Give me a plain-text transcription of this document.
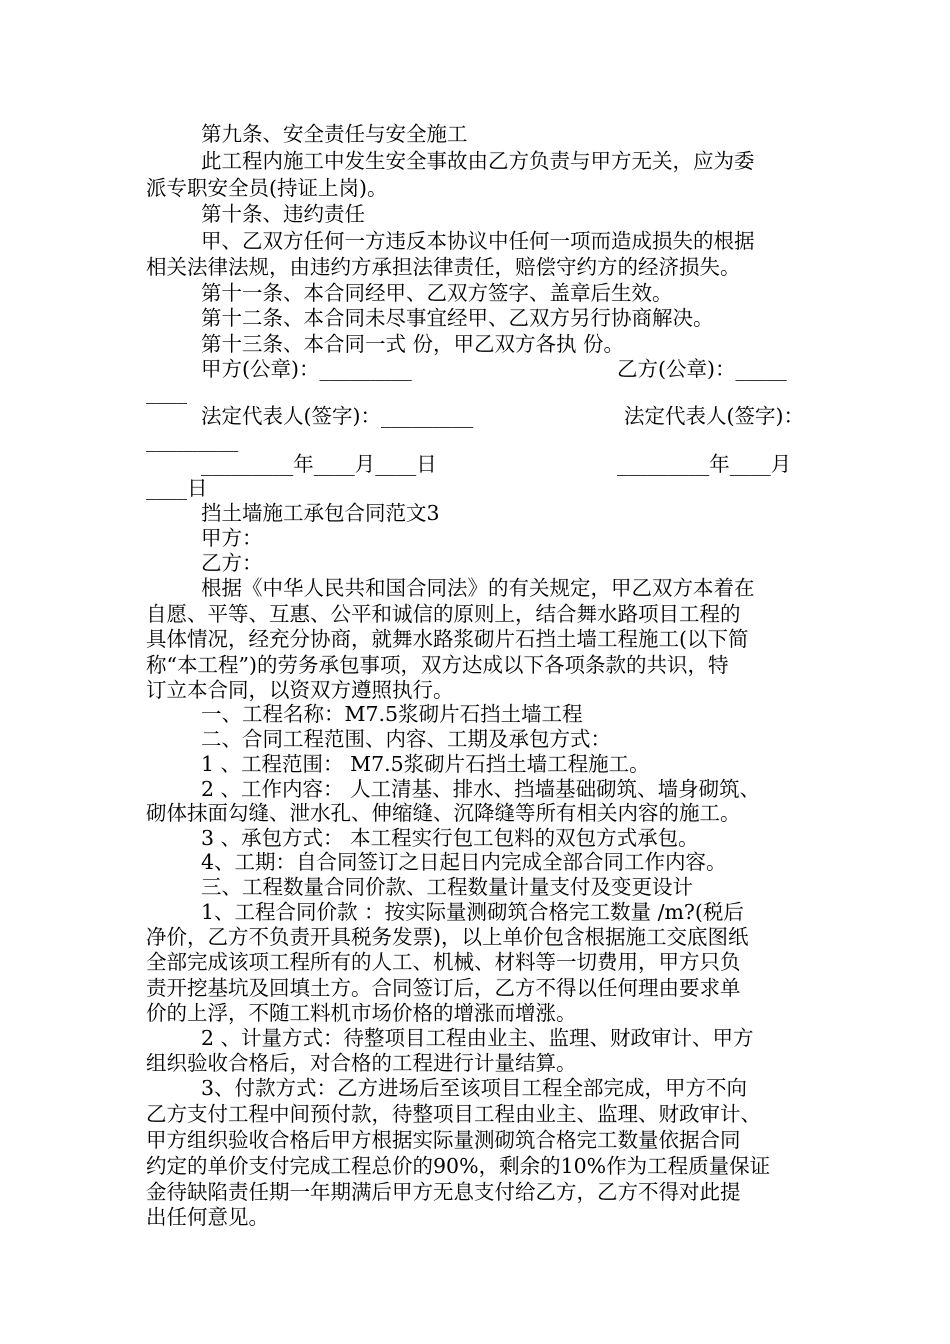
第九条、安全责任与安全施工
此工程内施工中发生安全事故由乙方负责与甲方无关，应为委
派专职安全员(持证上岗)。
第十条、违约责任
甲、乙双方任何一方违反本协议中任何一项而造成损失的根据
相关法律法规，由违约方承担法律责任，赔偿守约方的经济损失。
第十一条、本合同经甲、乙双方签字、盖章后生效。
第十二条、本合同未尽事宜经甲、乙双方另行协商解决。
第十三条、本合同一式 份，甲乙双方各执 份。
甲方(公章)：_________	乙方(公章)：_____
____
法定代表人(签字)：_________	法定代表人(签字)：
_________
_________年____月____日	_________年____月
____日
挡土墙施工承包合同范文3
甲方：
乙方：
根据《中华人民共和国合同法》的有关规定，甲乙双方本着在
自愿、平等、互惠、公平和诚信的原则上，结合舞水路项目工程的
具体情况，经充分协商，就舞水路浆砌片石挡土墙工程施工(以下简
称“本工程”)的劳务承包事项，双方达成以下各项条款的共识，特
订立本合同，以资双方遵照执行。
一、工程名称：M7.5浆砌片石挡土墙工程
二、合同工程范围、内容、工期及承包方式：
1 、工程范围： M7.5浆砌片石挡土墙工程施工。
2 、工作内容： 人工清基、排水、挡墙基础砌筑、墙身砌筑、
砌体抹面勾缝、泄水孔、伸缩缝、沉降缝等所有相关内容的施工。
3 、承包方式： 本工程实行包工包料的双包方式承包。
4、工期：自合同签订之日起日内完成全部合同工作内容。
三、工程数量合同价款、工程数量计量支付及变更设计
1、工程合同价款 ：按实际量测砌筑合格完工数量 /m?(税后
净价，乙方不负责开具税务发票)，以上单价包含根据施工交底图纸
全部完成该项工程所有的人工、机械、材料等一切费用，甲方只负
责开挖基坑及回填土方。合同签订后，乙方不得以任何理由要求单
价的上浮，不随工料机市场价格的增涨而增涨。
2 、计量方式：待整项目工程由业主、监理、财政审计、甲方
组织验收合格后，对合格的工程进行计量结算。
3、付款方式：乙方进场后至该项目工程全部完成，甲方不向
乙方支付工程中间预付款，待整项目工程由业主、监理、财政审计、
甲方组织验收合格后甲方根据实际量测砌筑合格完工数量依据合同
约定的单价支付完成工程总价的90%，剩余的10%作为工程质量保证
金待缺陷责任期一年期满后甲方无息支付给乙方，乙方不得对此提
出任何意见。
